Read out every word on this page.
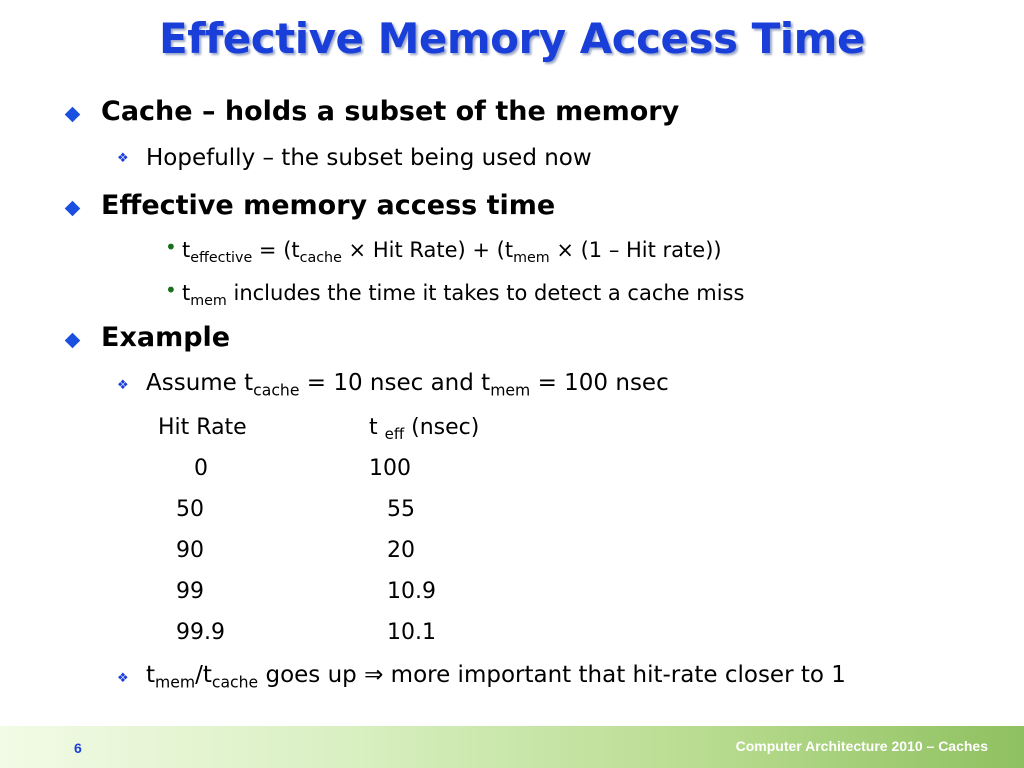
Effective Memory Access Time
Cache – holds a subset of the memory
❖ Hopefully – the subset being used now
Effective memory access time
• $t_{effective} = (t_{cache}$ × Hit Rate) + ($t_{mem} \times (1$ – Hit rate))
• $t_{mem}$ includes the time it takes to detect a cache miss
Example
❖ Assume $t_{cache} = 10$ nsec and $t_{mem} = 100$ nsec
Hit Rate	t $_{eff}$ (nsec)
0	100
50	55
90	20
99	10.9
99.9	10.1
❖ $t_{mem}/t_{cache}$ goes up ⇒ more important that hit-rate closer to 1
6	Computer Architecture 2010 – Caches
